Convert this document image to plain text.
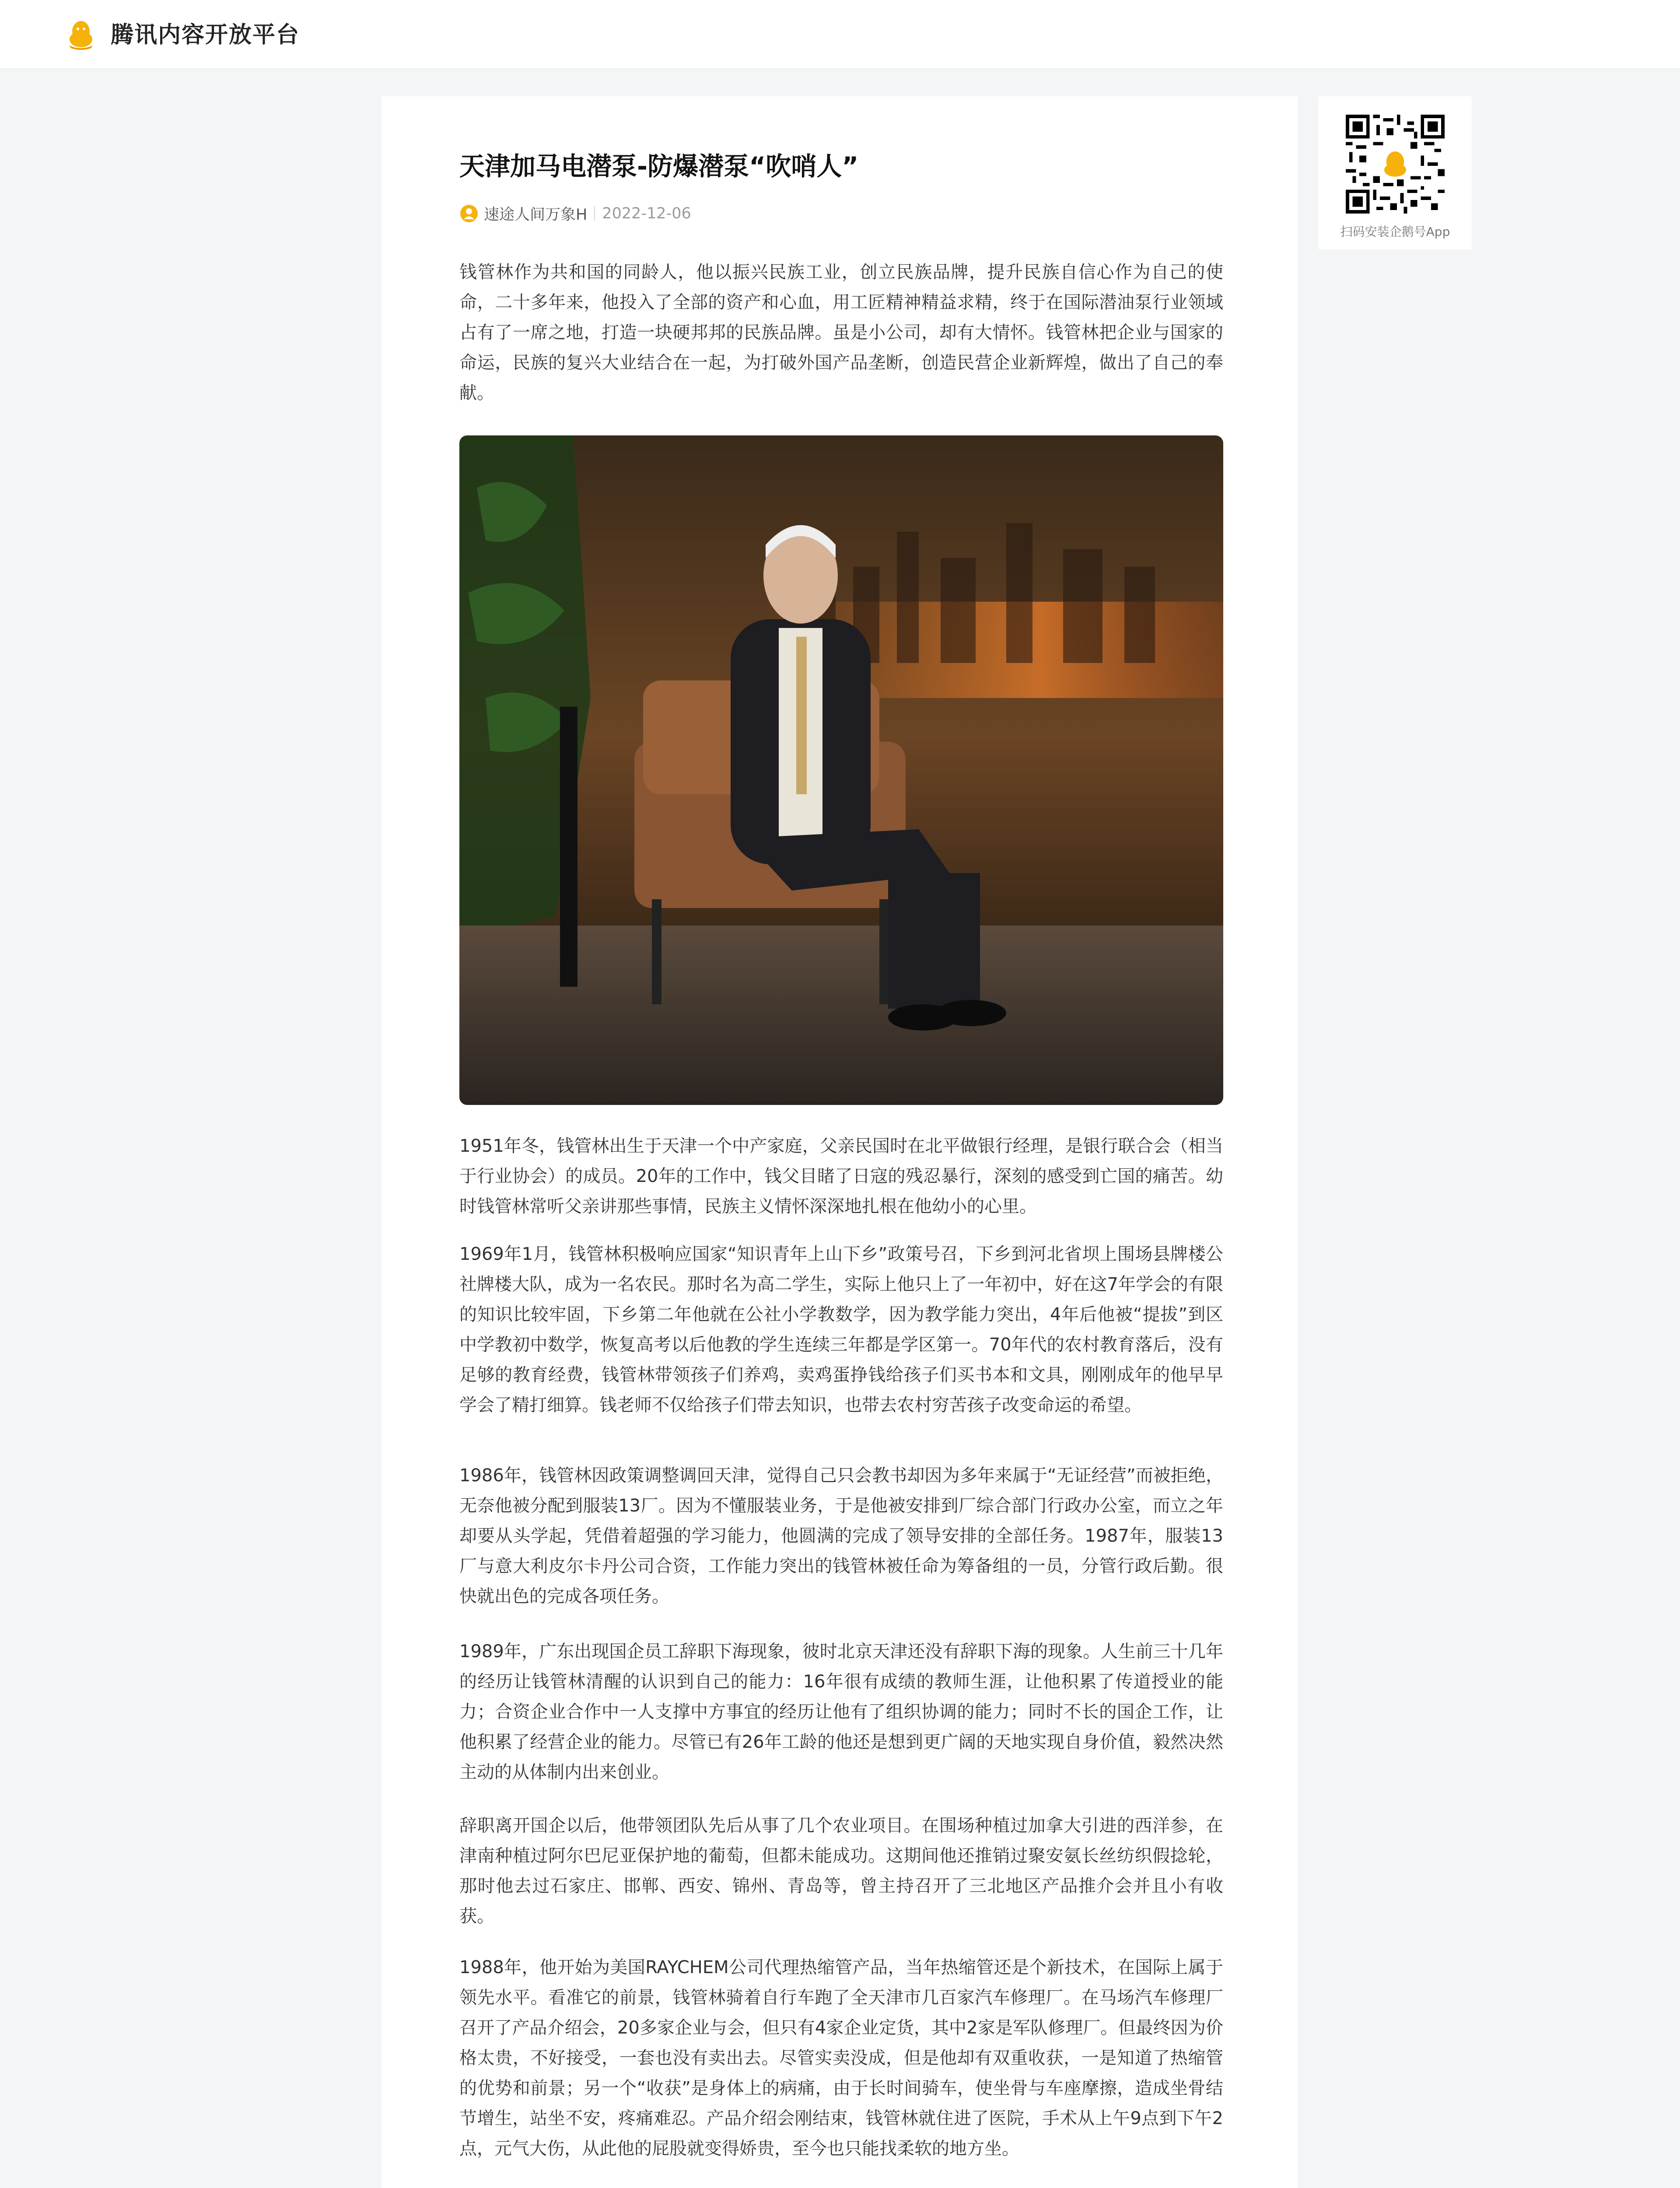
腾讯内容开放平台
天津加马电潜泵-防爆潜泵“吹哨人”
速途人间万象H 2022-12-06

钱管林作为共和国的同龄人，他以振兴民族工业，创立民族品牌，提升民族自信心作为自己的使命，二十多年来，他投入了全部的资产和心血，用工匠精神精益求精，终于在国际潜油泵行业领域占有了一席之地，打造一块硬邦邦的民族品牌。虽是小公司，却有大情怀。钱管林把企业与国家的命运，民族的复兴大业结合在一起，为打破外国产品垄断，创造民营企业新辉煌，做出了自己的奉献。

1951年冬，钱管林出生于天津一个中产家庭，父亲民国时在北平做银行经理，是银行联合会（相当于行业协会）的成员。20年的工作中，钱父目睹了日寇的残忍暴行，深刻的感受到亡国的痛苦。幼时钱管林常听父亲讲那些事情，民族主义情怀深深地扎根在他幼小的心里。

1969年1月，钱管林积极响应国家“知识青年上山下乡”政策号召，下乡到河北省坝上围场县牌楼公社牌楼大队，成为一名农民。那时名为高二学生，实际上他只上了一年初中，好在这7年学会的有限的知识比较牢固，下乡第二年他就在公社小学教数学，因为教学能力突出，4年后他被“提拔”到区中学教初中数学，恢复高考以后他教的学生连续三年都是学区第一。70年代的农村教育落后，没有足够的教育经费，钱管林带领孩子们养鸡，卖鸡蛋挣钱给孩子们买书本和文具，刚刚成年的他早早学会了精打细算。钱老师不仅给孩子们带去知识，也带去农村穷苦孩子改变命运的希望。

1986年，钱管林因政策调整调回天津，觉得自己只会教书却因为多年来属于“无证经营”而被拒绝，无奈他被分配到服装13厂。因为不懂服装业务，于是他被安排到厂综合部门行政办公室，而立之年却要从头学起，凭借着超强的学习能力，他圆满的完成了领导安排的全部任务。1987年，服装13厂与意大利皮尔卡丹公司合资，工作能力突出的钱管林被任命为筹备组的一员，分管行政后勤。很快就出色的完成各项任务。

1989年，广东出现国企员工辞职下海现象，彼时北京天津还没有辞职下海的现象。人生前三十几年的经历让钱管林清醒的认识到自己的能力：16年很有成绩的教师生涯，让他积累了传道授业的能力；合资企业合作中一人支撑中方事宜的经历让他有了组织协调的能力；同时不长的国企工作，让他积累了经营企业的能力。尽管已有26年工龄的他还是想到更广阔的天地实现自身价值，毅然决然主动的从体制内出来创业。

辞职离开国企以后，他带领团队先后从事了几个农业项目。在围场种植过加拿大引进的西洋参，在津南种植过阿尔巴尼亚保护地的葡萄，但都未能成功。这期间他还推销过聚安氨长丝纺织假捻轮，那时他去过石家庄、邯郸、西安、锦州、青岛等，曾主持召开了三北地区产品推介会并且小有收获。

1988年，他开始为美国RAYCHEM公司代理热缩管产品，当年热缩管还是个新技术，在国际上属于领先水平。看准它的前景，钱管林骑着自行车跑了全天津市几百家汽车修理厂。在马场汽车修理厂召开了产品介绍会，20多家企业与会，但只有4家企业定货，其中2家是军队修理厂。但最终因为价格太贵，不好接受，一套也没有卖出去。尽管实卖没成，但是他却有双重收获，一是知道了热缩管的优势和前景；另一个“收获”是身体上的病痛，由于长时间骑车，使坐骨与车座摩擦，造成坐骨结节增生，站坐不安，疼痛难忍。产品介绍会刚结束，钱管林就住进了医院，手术从上午9点到下午2点，元气大伤，从此他的屁股就变得娇贵，至今也只能找柔软的地方坐。

扫码安装企鹅号App
